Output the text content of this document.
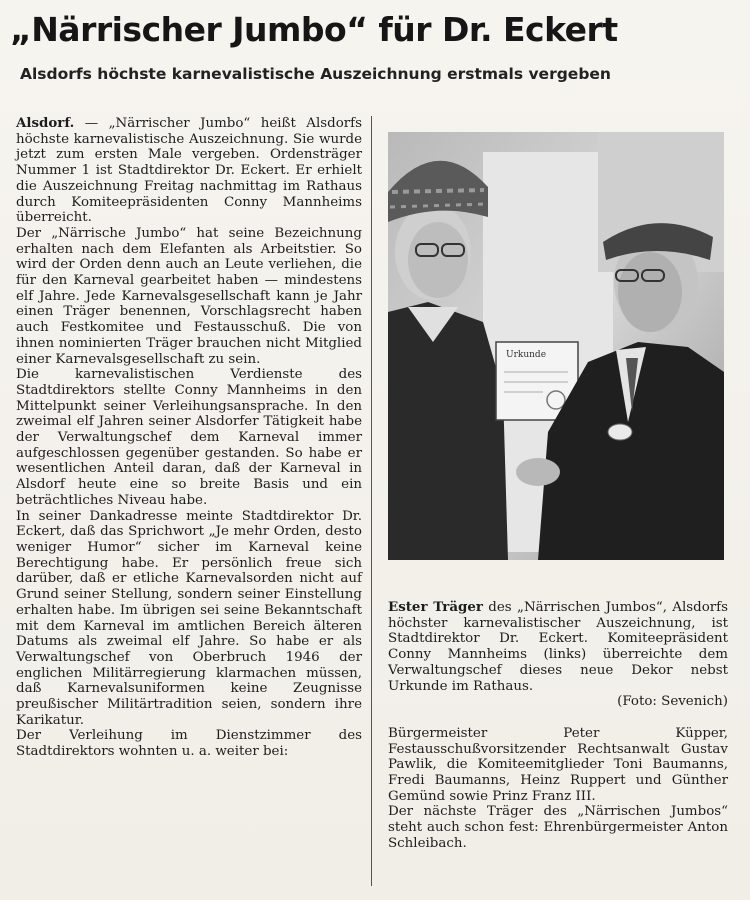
„Närrischer Jumbo“ für Dr. Eckert
Alsdorfs höchste karnevalistische Auszeichnung erstmals vergeben

Alsdorf. — „Närrischer Jumbo“ heißt Alsdorfs höchste karnevalistische Auszeichnung. Sie wurde jetzt zum ersten Male vergeben. Ordensträger Nummer 1 ist Stadtdirektor Dr. Eckert. Er erhielt die Auszeichnung Freitag nachmittag im Rathaus durch Komiteepräsidenten Conny Mannheims überreicht.

Der „Närrische Jumbo“ hat seine Bezeichnung erhalten nach dem Elefanten als Arbeitstier. So wird der Orden denn auch an Leute verliehen, die für den Karneval gearbeitet haben — mindestens elf Jahre. Jede Karnevalsgesellschaft kann je Jahr einen Träger benennen, Vorschlagsrecht haben auch Festkomitee und Festausschuß. Die von ihnen nominierten Träger brauchen nicht Mitglied einer Karnevalsgesellschaft zu sein.

Die karnevalistischen Verdienste des Stadtdirektors stellte Conny Mannheims in den Mittelpunkt seiner Verleihungsansprache. In den zweimal elf Jahren seiner Alsdorfer Tätigkeit habe der Verwaltungschef dem Karneval immer aufgeschlossen gegenüber gestanden. So habe er wesentlichen Anteil daran, daß der Karneval in Alsdorf heute eine so breite Basis und ein beträchtliches Niveau habe.

In seiner Dankadresse meinte Stadtdirektor Dr. Eckert, daß das Sprichwort „Je mehr Orden, desto weniger Humor“ sicher im Karneval keine Berechtigung habe. Er persönlich freue sich darüber, daß er etliche Karnevalsorden nicht auf Grund seiner Stellung, sondern seiner Einstellung erhalten habe. Im übrigen sei seine Bekanntschaft mit dem Karneval im amtlichen Bereich älteren Datums als zweimal elf Jahre. So habe er als Verwaltungschef von Oberbruch 1946 der englichen Militärregierung klarmachen müssen, daß Karnevalsuniformen keine Zeugnisse preußischer Militärtradition seien, sondern ihre Karikatur.

Der Verleihung im Dienstzimmer des Stadtdirektors wohnten u. a. weiter bei:

Urkunde

Ester Träger des „Närrischen Jumbos“, Alsdorfs höchster karnevalistischer Auszeichnung, ist Stadtdirektor Dr. Eckert. Komiteepräsident Conny Mannheims (links) überreichte dem Verwaltungschef dieses neue Dekor nebst Urkunde im Rathaus.

(Foto: Sevenich)

Bürgermeister Peter Küpper, Festausschußvorsitzender Rechtsanwalt Gustav Pawlik, die Komiteemitglieder Toni Baumanns, Fredi Baumanns, Heinz Ruppert und Günther Gemünd sowie Prinz Franz III.

Der nächste Träger des „Närrischen Jumbos“ steht auch schon fest: Ehrenbürgermeister Anton Schleibach.
